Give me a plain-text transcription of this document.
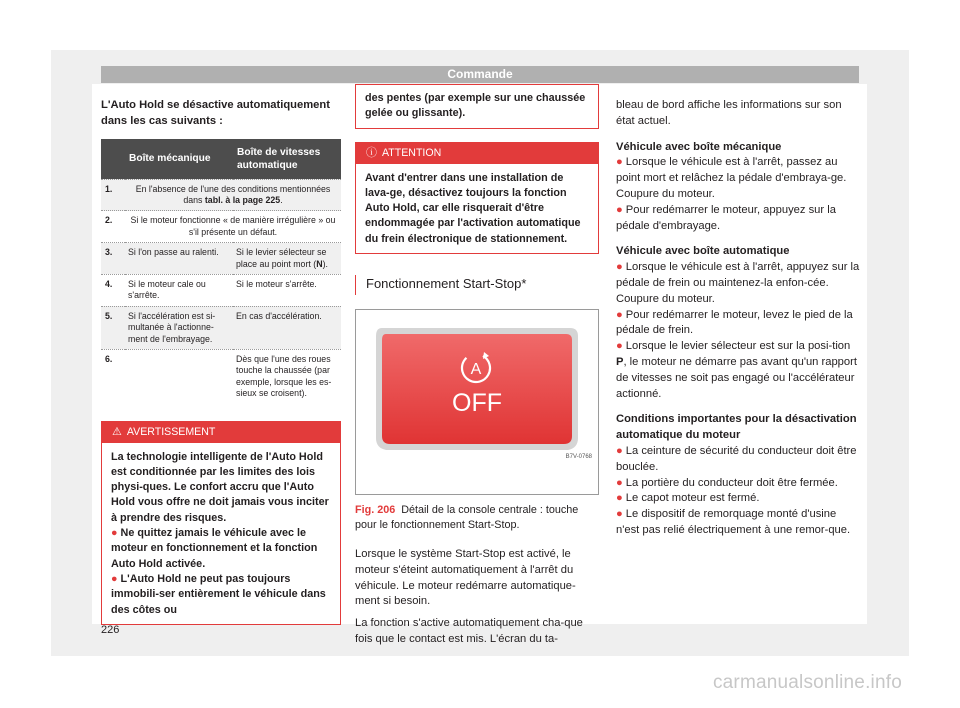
Commande
L'Auto Hold se désactive automatiquement dans les cas suivants :
	Boîte mécanique	Boîte de vitesses automatique
1.	En l'absence de l'une des conditions mentionnées dans tabl. à la page 225.	
2.	Si le moteur fonctionne « de manière irrégulière » ou s'il présente un défaut.	
3.	Si l'on passe au ralenti.	Si le levier sélecteur se place au point mort (N).
4.	Si le moteur cale ou s'arrête.	Si le moteur s'arrête.
5.	Si l'accélération est si-multanée à l'actionne-ment de l'embrayage.	En cas d'accélération.
6.		Dès que l'une des roues touche la chaussée (par exemple, lorsque les es-sieux se croisent).
⚠ AVERTISSEMENT
La technologie intelligente de l'Auto Hold est conditionnée par les limites des lois physi-ques. Le confort accru que l'Auto Hold vous offre ne doit jamais vous inciter à prendre des risques.
● Ne quittez jamais le véhicule avec le moteur en fonctionnement et la fonction Auto Hold activée.
● L'Auto Hold ne peut pas toujours immobili-ser entièrement le véhicule dans des côtes ou
des pentes (par exemple sur une chaussée gelée ou glissante).
ⓘ ATTENTION
Avant d'entrer dans une installation de lava-ge, désactivez toujours la fonction Auto Hold, car elle risquerait d'être endommagée par l'activation automatique du frein électronique de stationnement.
Fonctionnement Start-Stop*
A
OFF
B7V-0768
Fig. 206 Détail de la console centrale : touche pour le fonctionnement Start-Stop.

Lorsque le système Start-Stop est activé, le moteur s'éteint automatiquement à l'arrêt du véhicule. Le moteur redémarre automatique-ment si besoin.

La fonction s'active automatiquement cha-que fois que le contact est mis. L'écran du ta-

bleau de bord affiche les informations sur son état actuel.

Véhicule avec boîte mécanique
● Lorsque le véhicule est à l'arrêt, passez au point mort et relâchez la pédale d'embraya-ge. Coupure du moteur.
● Pour redémarrer le moteur, appuyez sur la pédale d'embrayage.
Véhicule avec boîte automatique
● Lorsque le véhicule est à l'arrêt, appuyez sur la pédale de frein ou maintenez-la enfon-cée. Coupure du moteur.
● Pour redémarrer le moteur, levez le pied de la pédale de frein.
● Lorsque le levier sélecteur est sur la posi-tion P, le moteur ne démarre pas avant qu'un rapport de vitesses ne soit pas engagé ou l'accélérateur actionné.
Conditions importantes pour la désactivation automatique du moteur
● La ceinture de sécurité du conducteur doit être bouclée.
● La portière du conducteur doit être fermée.
● Le capot moteur est fermé.
● Le dispositif de remorquage monté d'usine n'est pas relié électriquement à une remor-que.
226
carmanualsonline.info
